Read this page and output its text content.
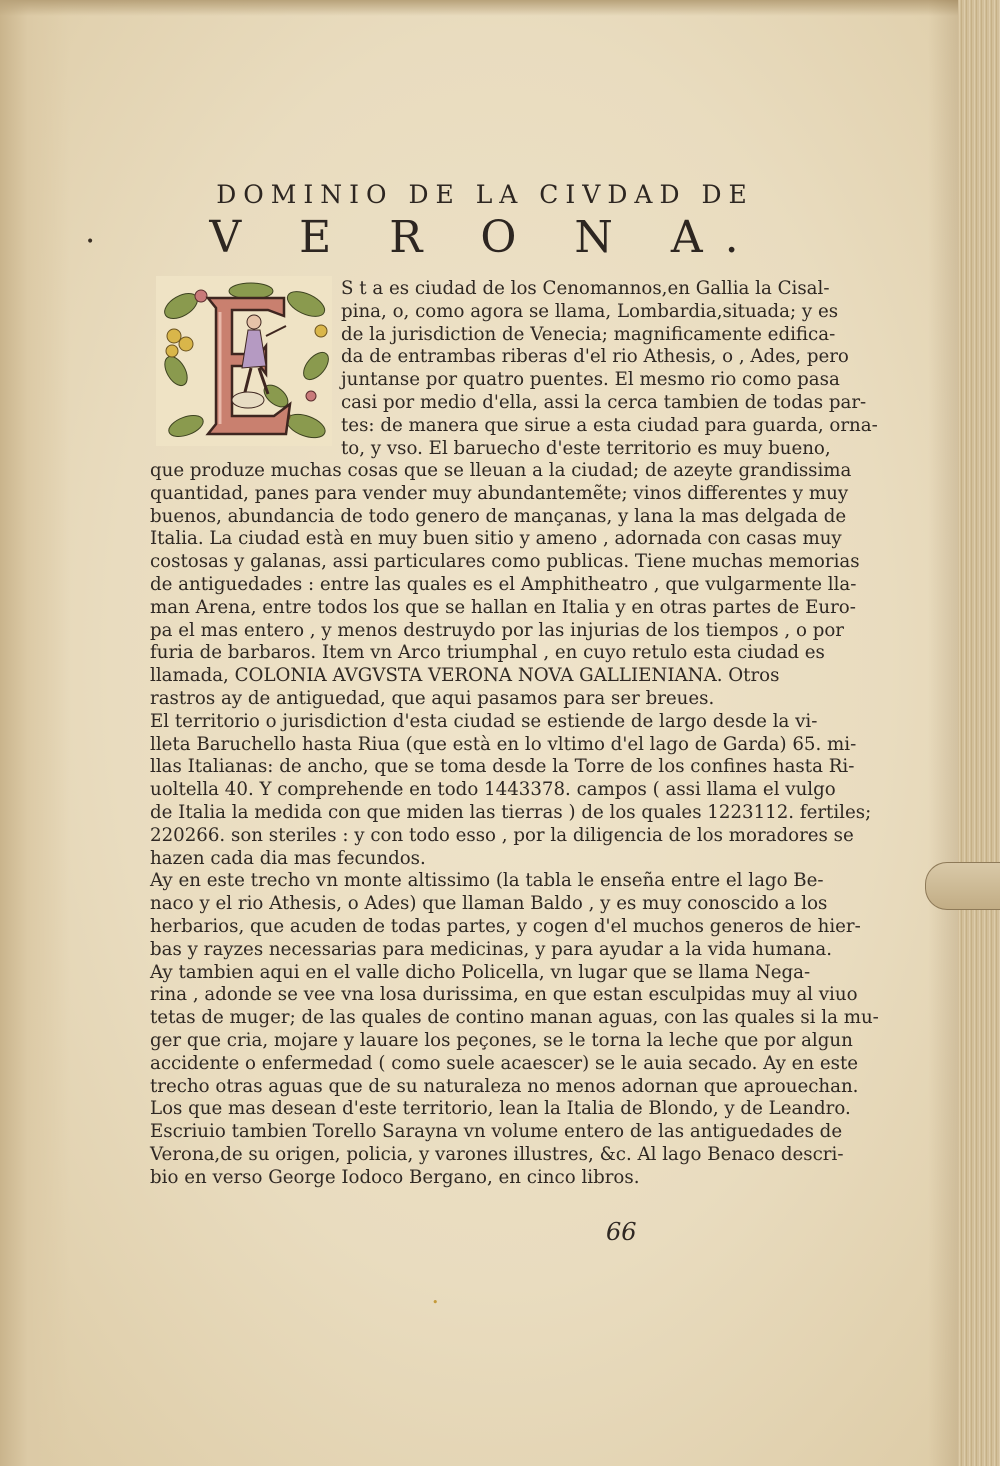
•
•
DOMINIO DE LA CIVDAD DE
V E R O N A.

S t a es ciudad de los Cenomannos,en Gallia la Cisal-

pina, o, como agora se llama, Lombardia,situada; y es

de la jurisdiction de Venecia; magnificamente edifica-

da de entrambas riberas d'el rio Athesis, o , Ades, pero

juntanse por quatro puentes. El mesmo rio como pasa

casi por medio d'ella, assi la cerca tambien de todas par-

tes: de manera que sirue a esta ciudad para guarda, orna-

to, y vso. El baruecho d'este territorio es muy bueno,

que produze muchas cosas que se lleuan a la ciudad; de azeyte grandissima

quantidad, panes para vender muy abundantemẽte; vinos differentes y muy

buenos, abundancia de todo genero de mançanas, y lana la mas delgada de

Italia. La ciudad està en muy buen sitio y ameno , adornada con casas muy

costosas y galanas, assi particulares como publicas. Tiene muchas memorias

de antiguedades : entre las quales es el Amphitheatro , que vulgarmente lla-

man Arena, entre todos los que se hallan en Italia y en otras partes de Euro-

pa el mas entero , y menos destruydo por las injurias de los tiempos , o por

furia de barbaros. Item vn Arco triumphal , en cuyo retulo esta ciudad es

llamada, COLONIA AVGVSTA VERONA NOVA GALLIENIANA. Otros

rastros ay de antiguedad, que aqui pasamos para ser breues.

El territorio o jurisdiction d'esta ciudad se estiende de largo desde la vi-

lleta Baruchello hasta Riua (que està en lo vltimo d'el lago de Garda) 65. mi-

llas Italianas: de ancho, que se toma desde la Torre de los confines hasta Ri-

uoltella 40. Y comprehende en todo 1443378. campos ( assi llama el vulgo

de Italia la medida con que miden las tierras ) de los quales 1223112. fertiles;

220266. son steriles : y con todo esso , por la diligencia de los moradores se

hazen cada dia mas fecundos.

Ay en este trecho vn monte altissimo (la tabla le enseña entre el lago Be-

naco y el rio Athesis, o Ades) que llaman Baldo , y es muy conoscido a los

herbarios, que acuden de todas partes, y cogen d'el muchos generos de hier-

bas y rayzes necessarias para medicinas, y para ayudar a la vida humana.

Ay tambien aqui en el valle dicho Policella, vn lugar que se llama Nega-

rina , adonde se vee vna losa durissima, en que estan esculpidas muy al viuo

tetas de muger; de las quales de contino manan aguas, con las quales si la mu-

ger que cria, mojare y lauare los peçones, se le torna la leche que por algun

accidente o enfermedad ( como suele acaescer) se le auia secado. Ay en este

trecho otras aguas que de su naturaleza no menos adornan que aprouechan.

Los que mas desean d'este territorio, lean la Italia de Blondo, y de Leandro.

Escriuio tambien Torello Sarayna vn volume entero de las antiguedades de

Verona,de su origen, policia, y varones illustres, &c. Al lago Benaco descri-

bio en verso George Iodoco Bergano, en cinco libros.

66
